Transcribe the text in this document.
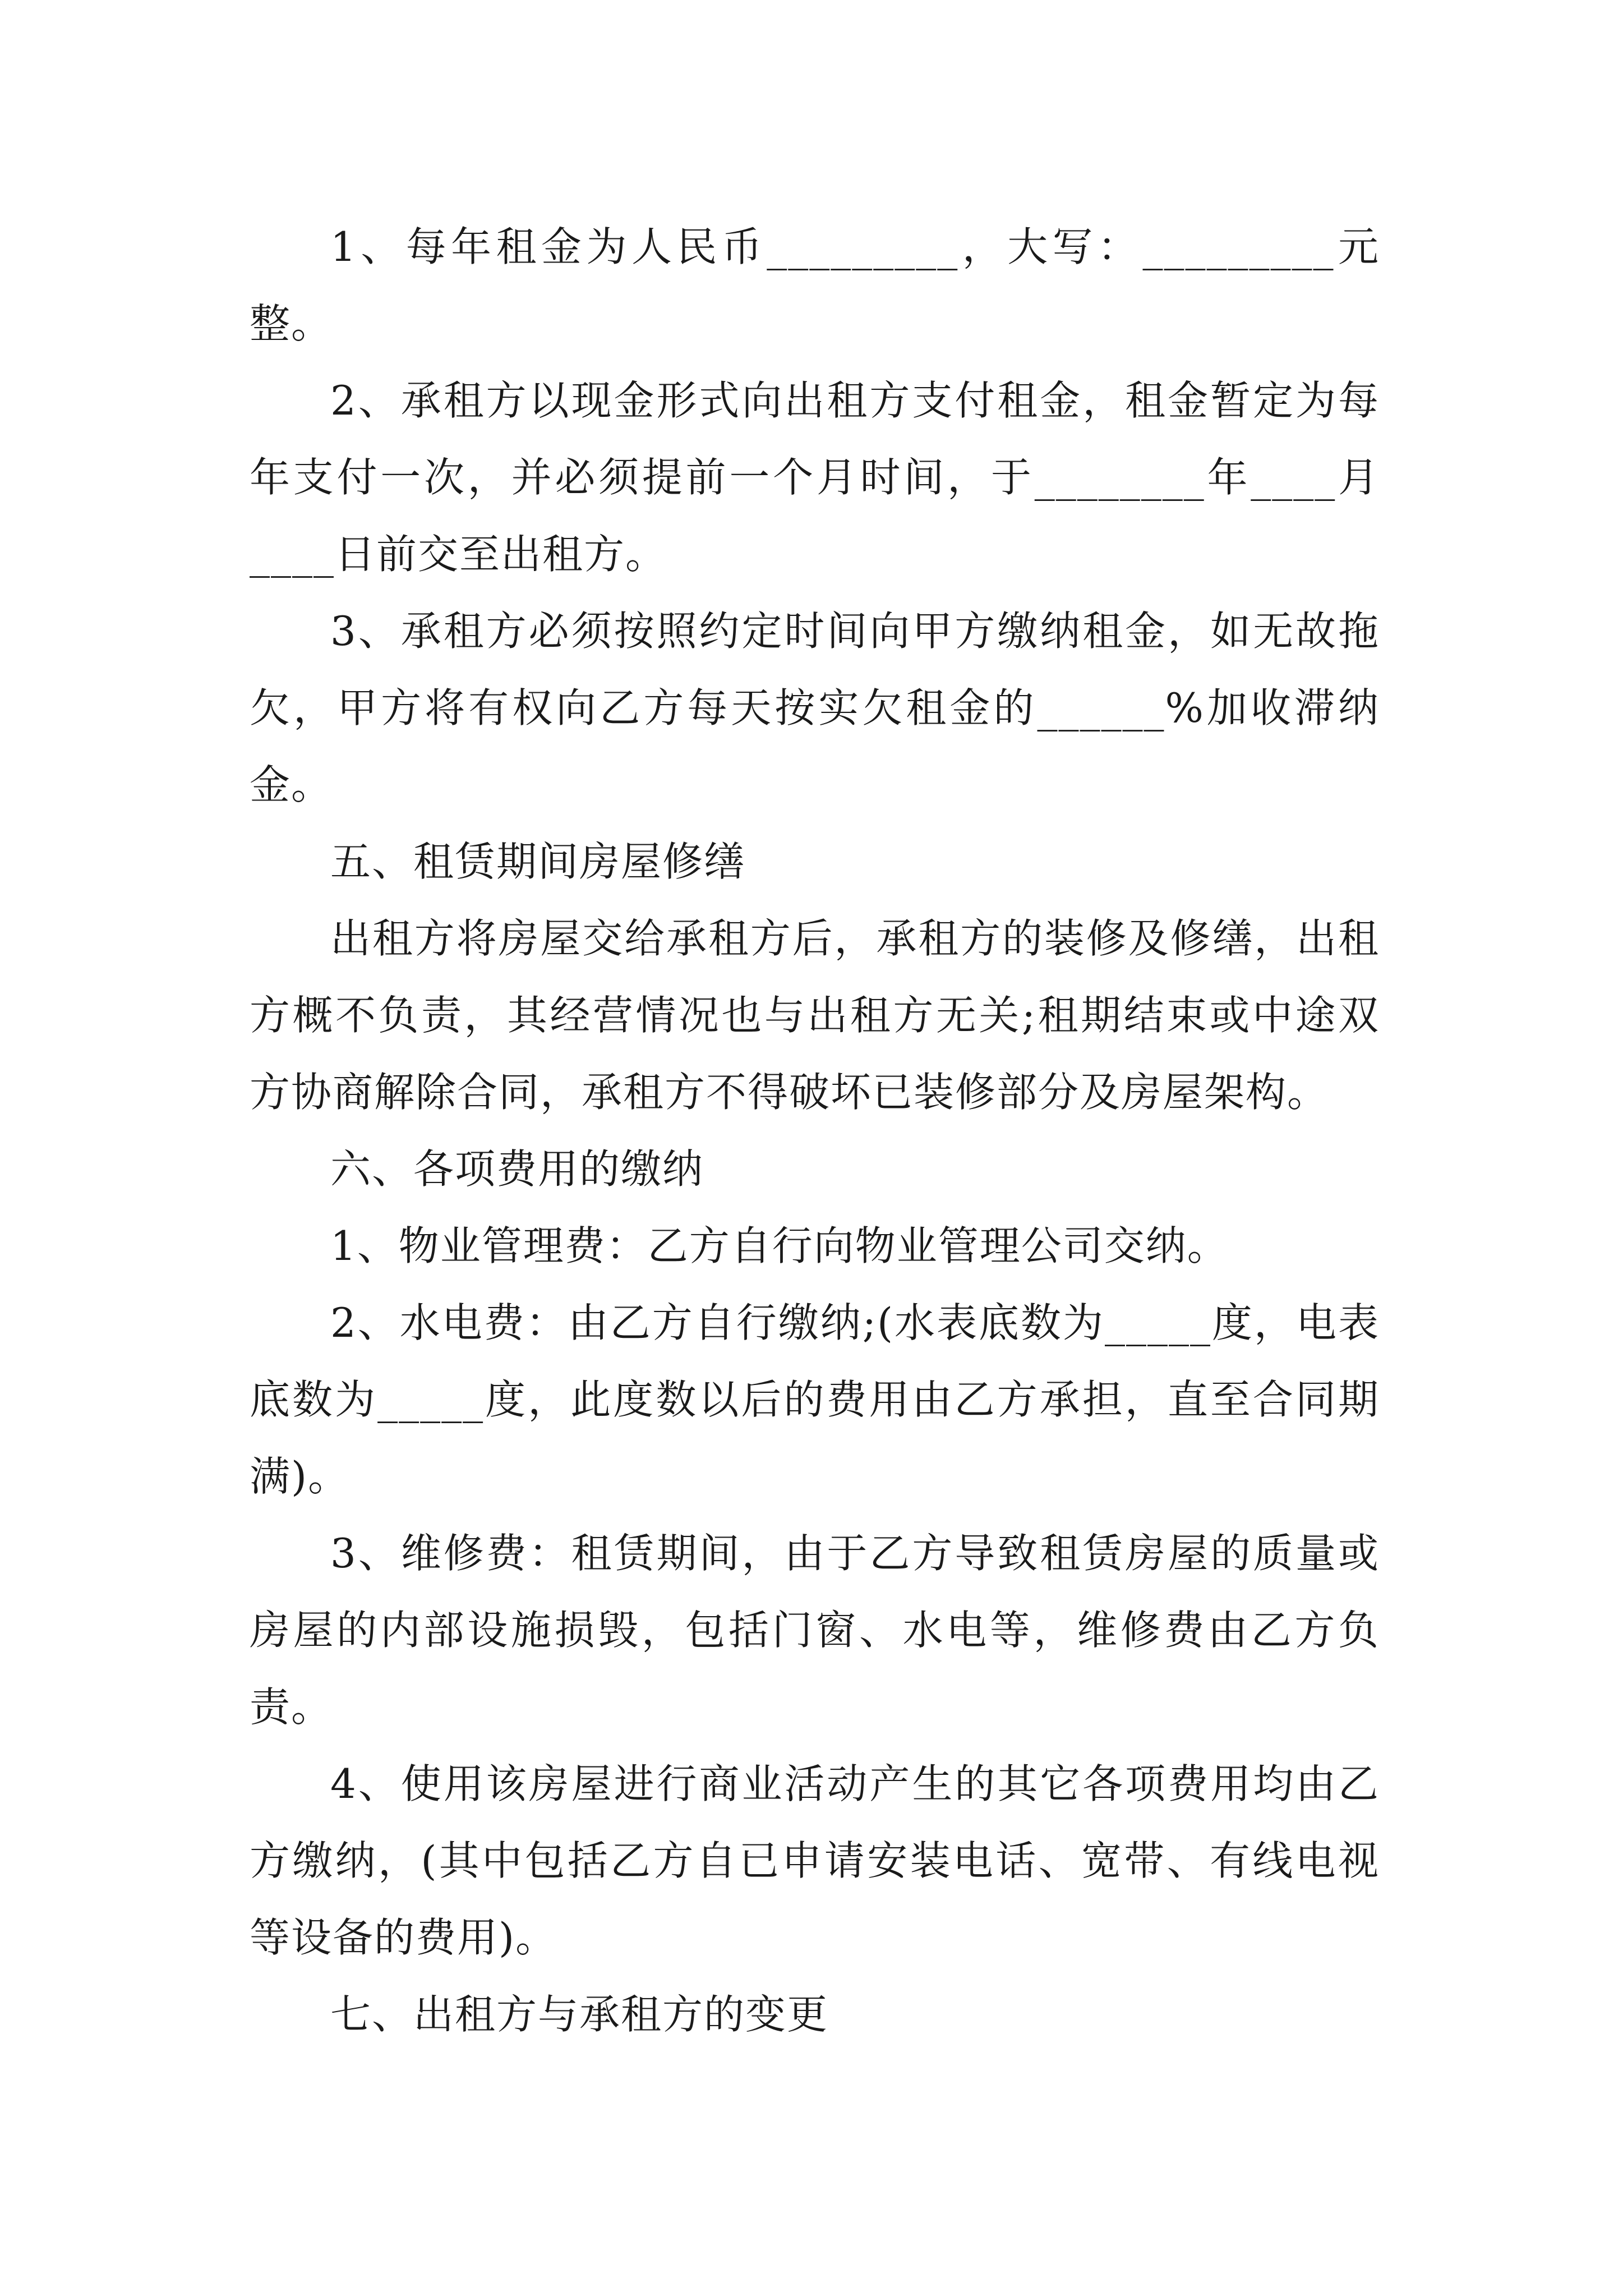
1、每年租金为人民币_________，大写：_________元整。

2、承租方以现金形式向出租方支付租金，租金暂定为每年支付一次，并必须提前一个月时间，于________年____月____日前交至出租方。

3、承租方必须按照约定时间向甲方缴纳租金，如无故拖欠，甲方将有权向乙方每天按实欠租金的______%加收滞纳金。

五、租赁期间房屋修缮

出租方将房屋交给承租方后，承租方的装修及修缮，出租方概不负责，其经营情况也与出租方无关;租期结束或中途双方协商解除合同，承租方不得破坏已装修部分及房屋架构。

六、各项费用的缴纳

1、物业管理费：乙方自行向物业管理公司交纳。

2、水电费：由乙方自行缴纳;(水表底数为_____度，电表底数为_____度，此度数以后的费用由乙方承担，直至合同期满)。

3、维修费：租赁期间，由于乙方导致租赁房屋的质量或房屋的内部设施损毁，包括门窗、水电等，维修费由乙方负责。

4、使用该房屋进行商业活动产生的其它各项费用均由乙方缴纳，(其中包括乙方自已申请安装电话、宽带、有线电视等设备的费用)。

七、出租方与承租方的变更
